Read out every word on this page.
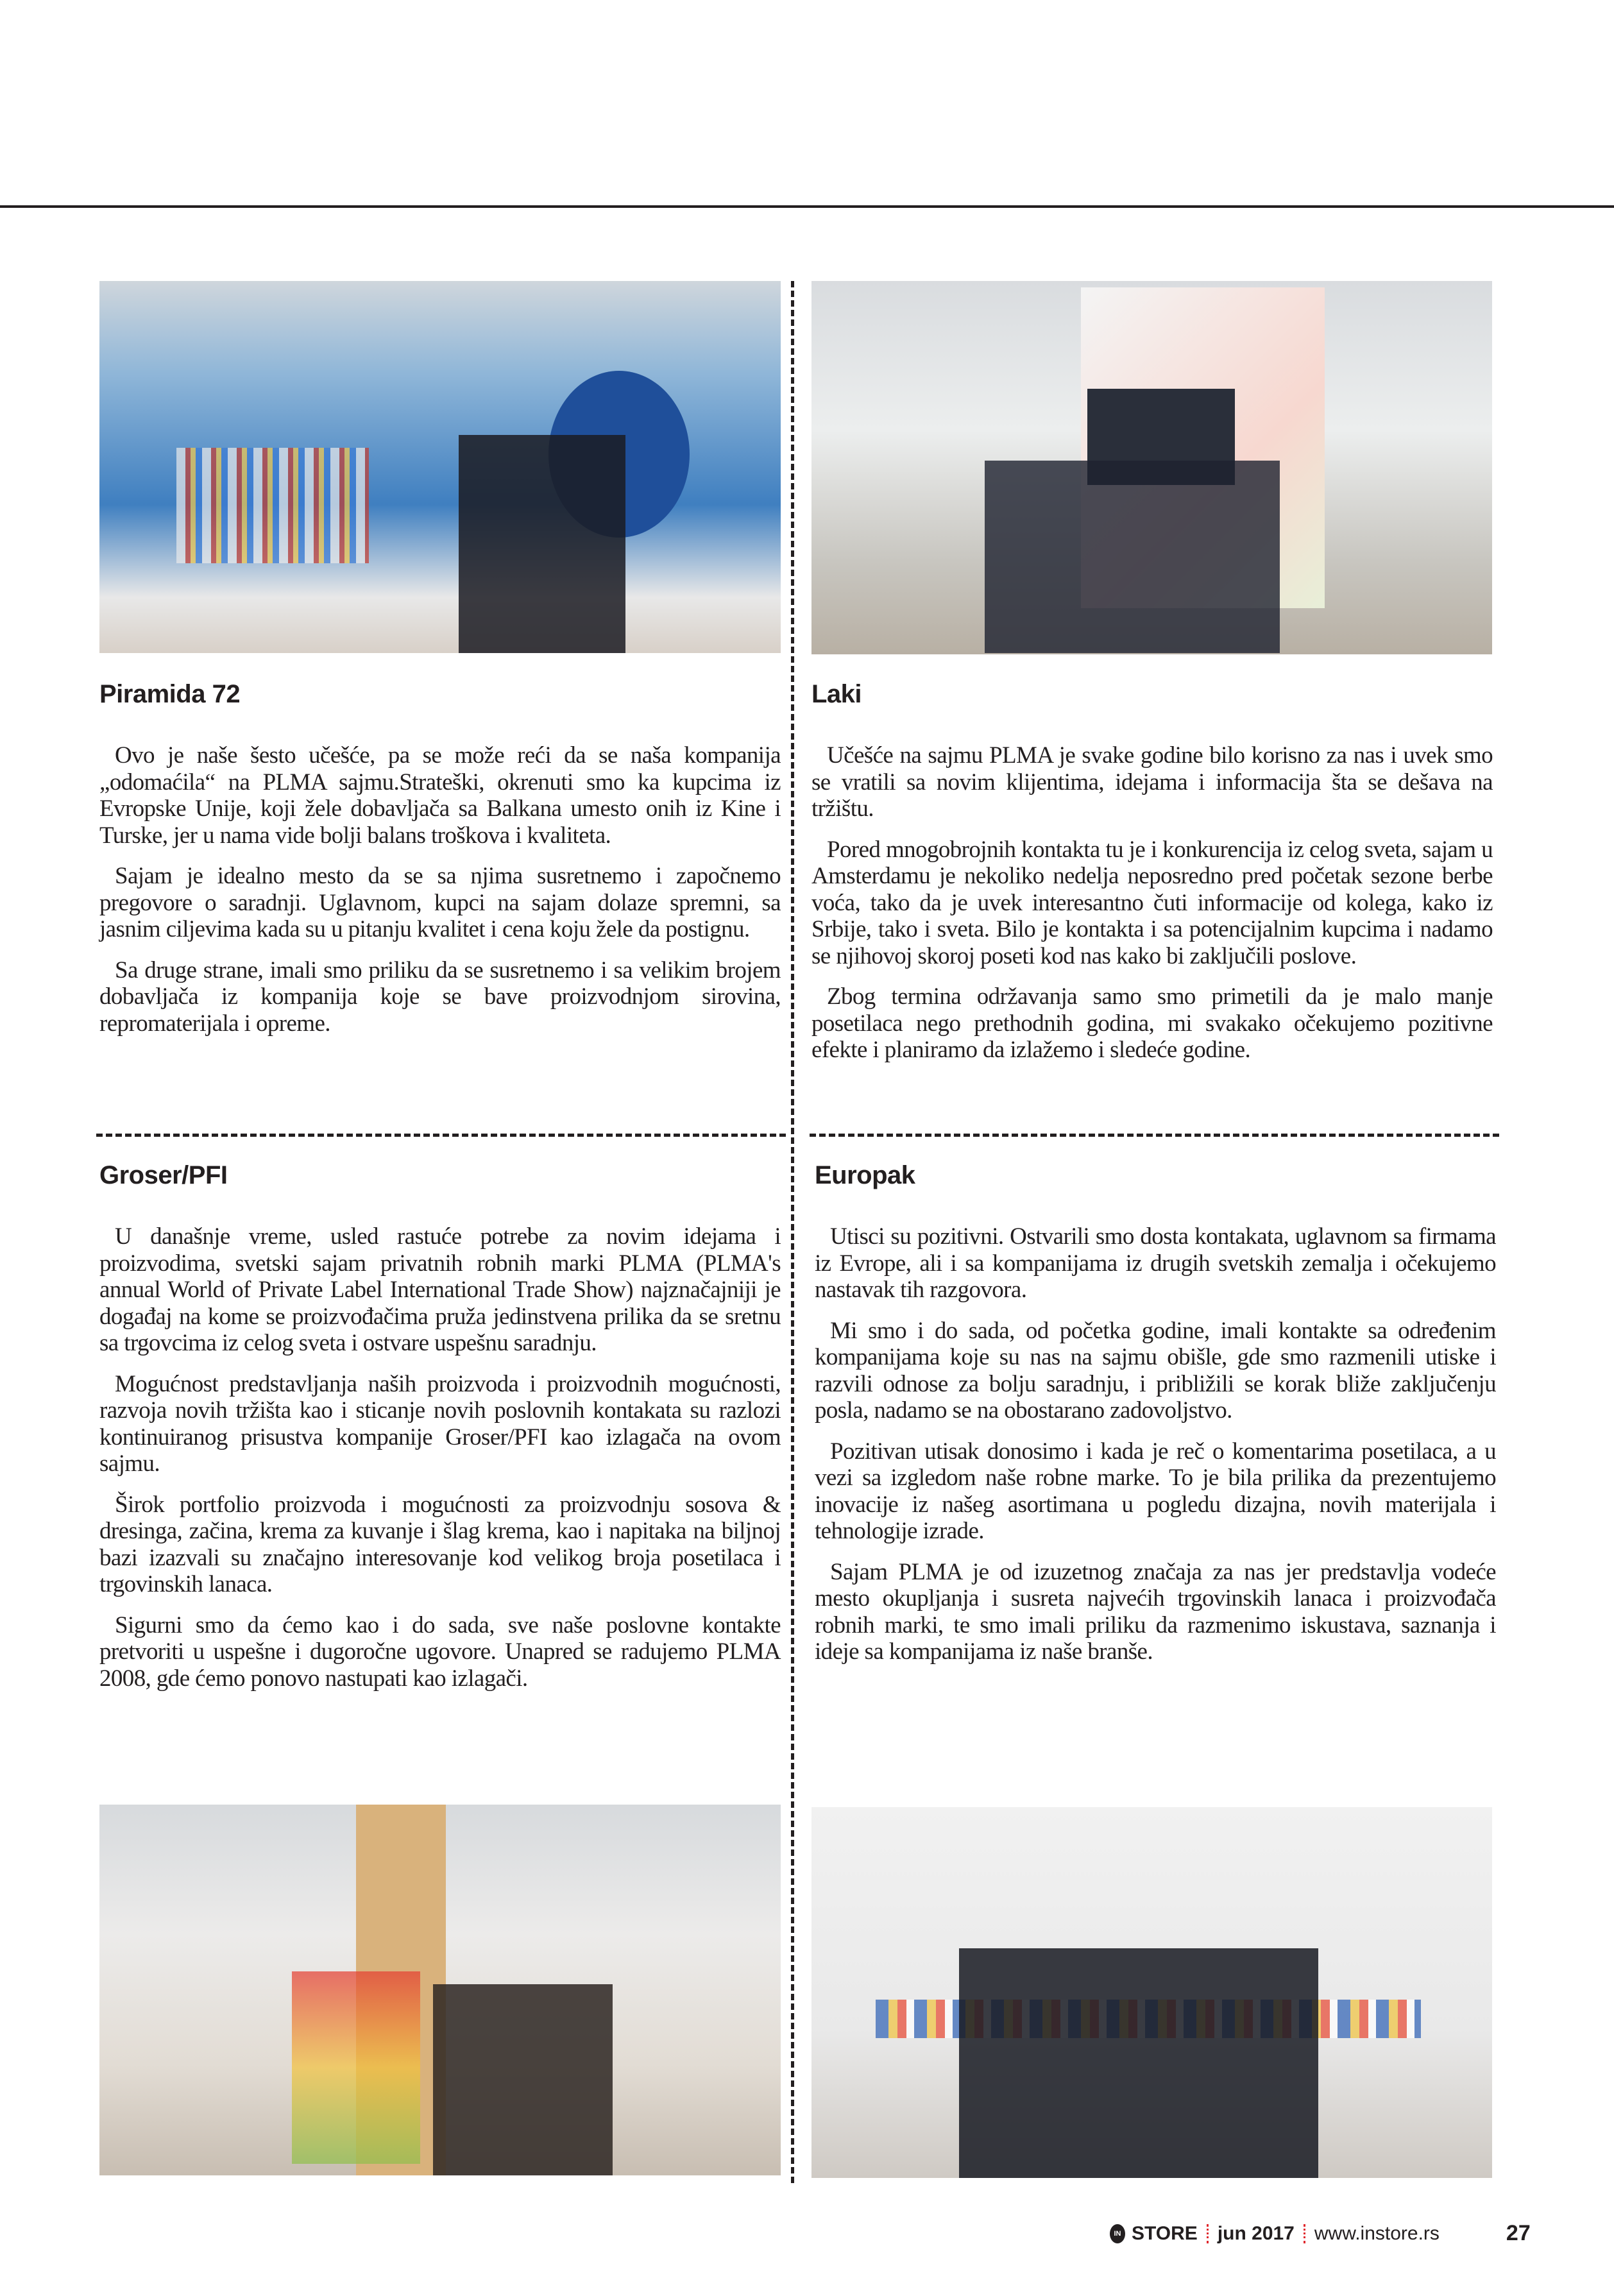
Piramida 72

Ovo je naše šesto učešće, pa se može reći da se naša kompanija „odomaćila“ na PLMA sajmu.Strateški, okrenuti smo ka kupcima iz Evropske Unije, koji žele dobavljača sa Balkana umesto onih iz Kine i Turske, jer u nama vide bolji balans troškova i kvaliteta.

Sajam je idealno mesto da se sa njima susretnemo i započnemo pregovore o saradnji. Uglavnom, kupci na sajam dolaze spremni, sa jasnim ciljevima kada su u pitanju kvalitet i cena koju žele da postignu.

Sa druge strane, imali smo priliku da se susretnemo i sa velikim brojem dobavljača iz kompanija koje se bave proizvodnjom sirovina, repromaterijala i opreme.

Laki

Učešće na sajmu PLMA je svake godine bilo korisno za nas i uvek smo se vratili sa novim klijentima, idejama i informacija šta se dešava na tržištu.

Pored mnogobrojnih kontakta tu je i konkurencija iz celog sveta, sajam u Amsterdamu je nekoliko nedelja neposredno pred početak sezone berbe voća, tako da je uvek interesantno čuti informacije od kolega, kako iz Srbije, tako i sveta. Bilo je kontakta i sa potencijalnim kupcima i nadamo se njihovoj skoroj poseti kod nas kako bi zaključili poslove.

Zbog termina održavanja samo smo primetili da je malo manje posetilaca nego prethodnih godina, mi svakako očekujemo pozitivne efekte i planiramo da izlažemo i sledeće godine.

Groser/PFI

U današnje vreme, usled rastuće potrebe za novim idejama i proizvodima, svetski sajam privatnih robnih marki PLMA (PLMA's annual World of Private Label International Trade Show) najznačajniji je događaj na kome se proizvođačima pruža jedinstvena prilika da se sretnu sa trgovcima iz celog sveta i ostvare uspešnu saradnju.

Mogućnost predstavljanja naših proizvoda i proizvodnih mogućnosti, razvoja novih tržišta kao i sticanje novih poslovnih kontakata su razlozi kontinuiranog prisustva kompanije Groser/PFI kao izlagača na ovom sajmu.

Širok portfolio proizvoda i mogućnosti za proizvodnju sosova & dresinga, začina, krema za kuvanje i šlag krema, kao i napitaka na biljnoj bazi izazvali su značajno interesovanje kod velikog broja posetilaca i trgovinskih lanaca.

Sigurni smo da ćemo kao i do sada, sve naše poslovne kontakte pretvoriti u uspešne i dugoročne ugovore. Unapred se radujemo PLMA 2008, gde ćemo ponovo nastupati kao izlagači.

Europak

Utisci su pozitivni. Ostvarili smo dosta kontakata, uglavnom sa firmama iz Evrope, ali i sa kompanijama iz drugih svetskih zemalja i očekujemo nastavak tih razgovora.

Mi smo i do sada, od početka godine, imali kontakte sa određenim kompanijama koje su nas na sajmu obišle, gde smo razmenili utiske i razvili odnose za bolju saradnju, i približili se korak bliže zaključenju posla, nadamo se na obostarano zadovoljstvo.

Pozitivan utisak donosimo i kada je reč o komentarima posetilaca, a u vezi sa izgledom naše robne marke. To je bila prilika da prezentujemo inovacije iz našeg asortimana u pogledu dizajna, novih materijala i tehnologije izrade.

Sajam PLMA je od izuzetnog značaja za nas jer predstavlja vodeće mesto okupljanja i susreta najvećih trgovinskih lanaca i proizvođača robnih marki, te smo imali priliku da razmenimo iskustava, saznanja i ideje sa kompanijama iz naše branše.

IN STORE jun 2017 www.instore.rs	27
